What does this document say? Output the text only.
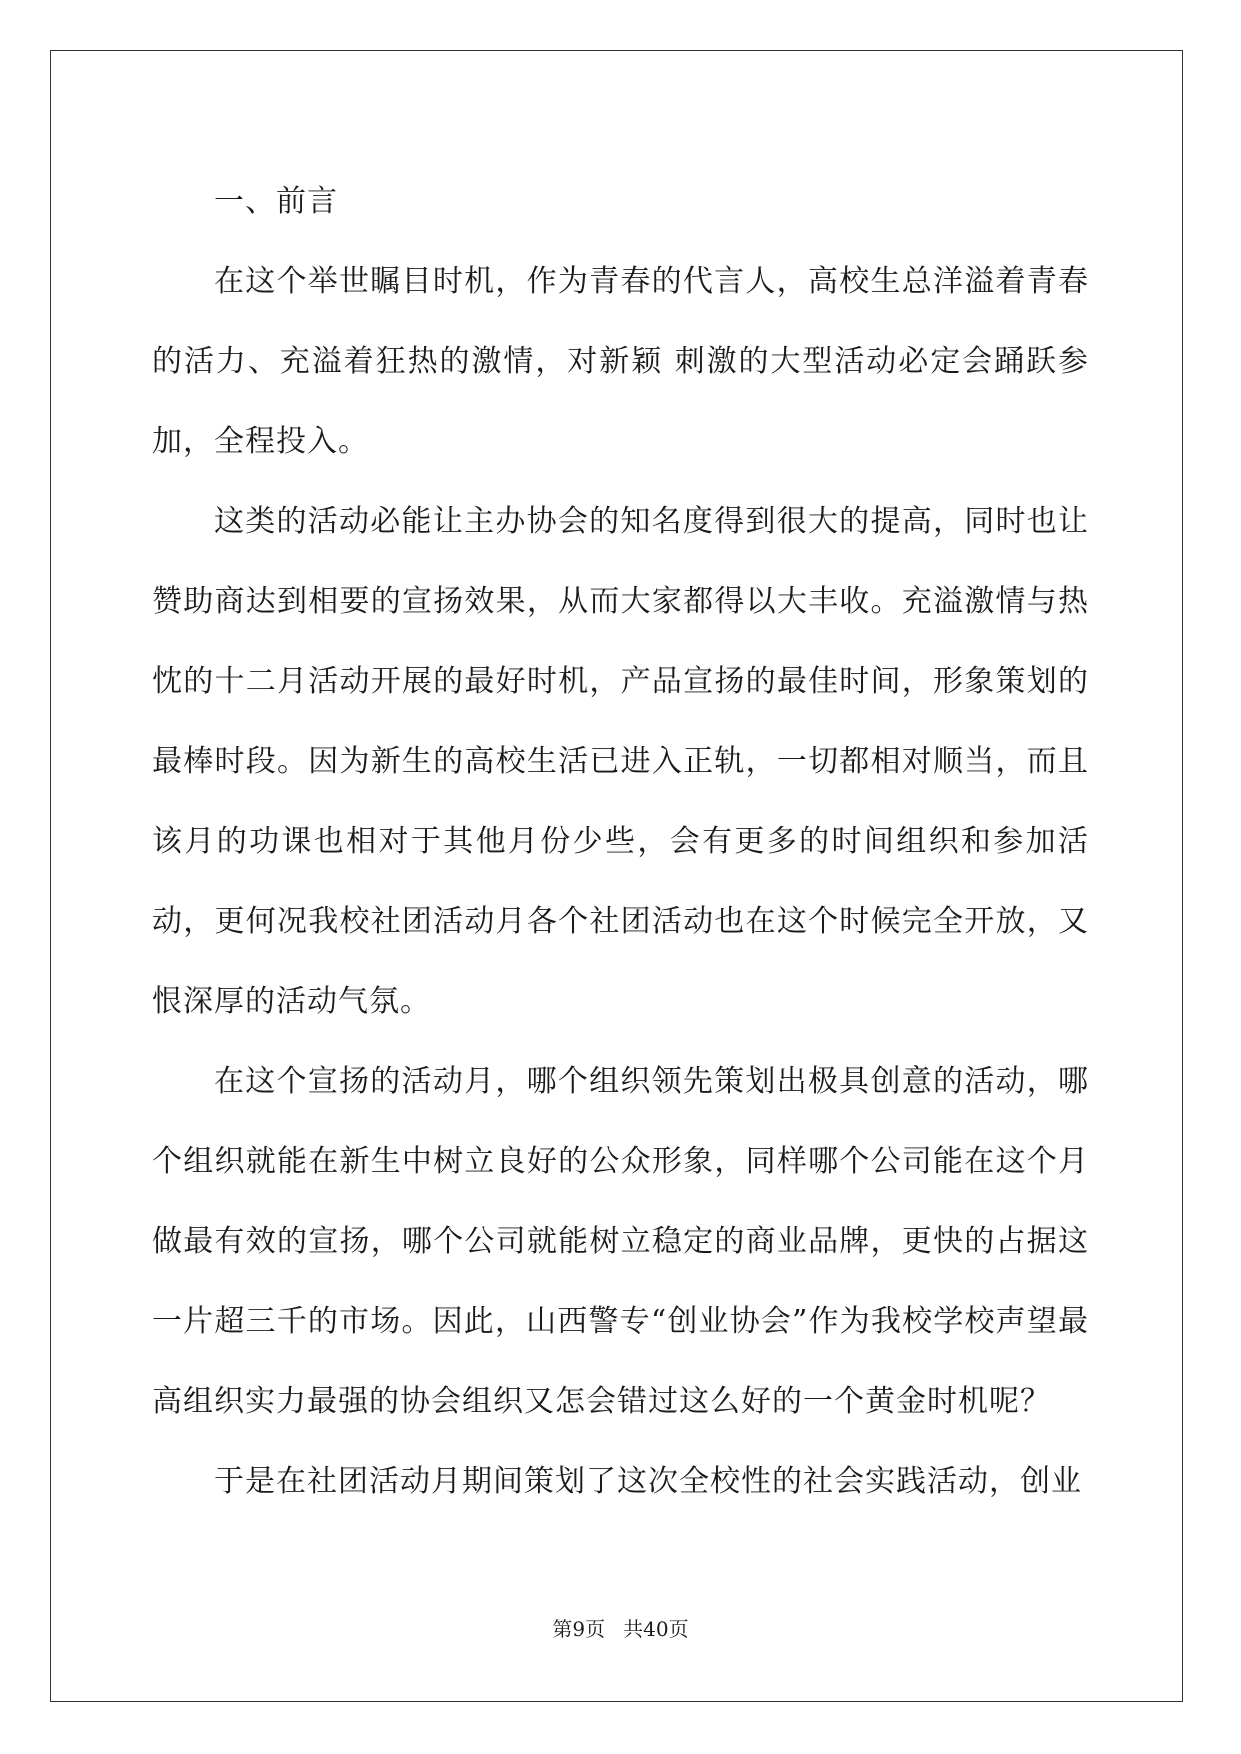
一、前言

在这个举世瞩目时机，作为青春的代言人，高校生总洋溢着青春的活力、充溢着狂热的激情，对新颖 刺激的大型活动必定会踊跃参加，全程投入。

这类的活动必能让主办协会的知名度得到很大的提高，同时也让赞助商达到相要的宣扬效果，从而大家都得以大丰收。充溢激情与热忱的十二月活动开展的最好时机，产品宣扬的最佳时间，形象策划的最棒时段。因为新生的高校生活已进入正轨，一切都相对顺当，而且该月的功课也相对于其他月份少些，会有更多的时间组织和参加活动，更何况我校社团活动月各个社团活动也在这个时候完全开放，又恨深厚的活动气氛。

在这个宣扬的活动月，哪个组织领先策划出极具创意的活动，哪个组织就能在新生中树立良好的公众形象，同样哪个公司能在这个月做最有效的宣扬，哪个公司就能树立稳定的商业品牌，更快的占据这一片超三千的市场。因此，山西警专“创业协会”作为我校学校声望最高组织实力最强的协会组织又怎会错过这么好的一个黄金时机呢？

于是在社团活动月期间策划了这次全校性的社会实践活动，创业

第9页 共40页
